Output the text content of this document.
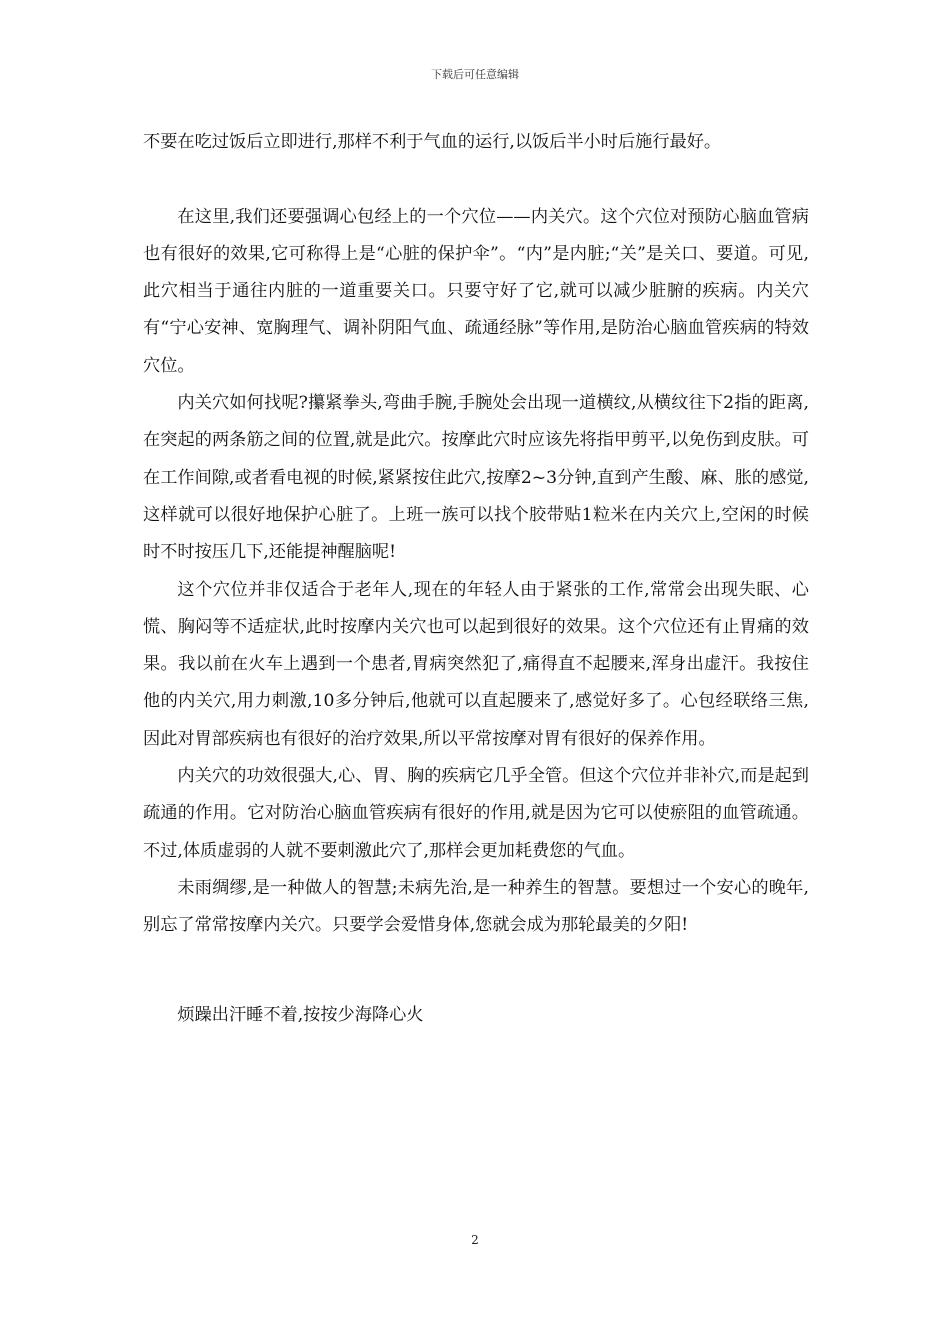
下载后可任意编辑

不要在吃过饭后立即进行,那样不利于气血的运行,以饭后半小时后施行最好。

在这里,我们还要强调心包经上的一个穴位——内关穴。这个穴位对预防心脑血管病也有很好的效果,它可称得上是“心脏的保护伞”。“内”是内脏;“关”是关口、要道。可见,此穴相当于通往内脏的一道重要关口。只要守好了它,就可以减少脏腑的疾病。内关穴有“宁心安神、宽胸理气、调补阴阳气血、疏通经脉”等作用,是防治心脑血管疾病的特效穴位。

内关穴如何找呢?攥紧拳头,弯曲手腕,手腕处会出现一道横纹,从横纹往下2指的距离,在突起的两条筋之间的位置,就是此穴。按摩此穴时应该先将指甲剪平,以免伤到皮肤。可在工作间隙,或者看电视的时候,紧紧按住此穴,按摩2~3分钟,直到产生酸、麻、胀的感觉,这样就可以很好地保护心脏了。上班一族可以找个胶带贴1粒米在内关穴上,空闲的时候时不时按压几下,还能提神醒脑呢!

这个穴位并非仅适合于老年人,现在的年轻人由于紧张的工作,常常会出现失眠、心慌、胸闷等不适症状,此时按摩内关穴也可以起到很好的效果。这个穴位还有止胃痛的效果。我以前在火车上遇到一个患者,胃病突然犯了,痛得直不起腰来,浑身出虚汗。我按住他的内关穴,用力刺激,10多分钟后,他就可以直起腰来了,感觉好多了。心包经联络三焦,因此对胃部疾病也有很好的治疗效果,所以平常按摩对胃有很好的保养作用。

内关穴的功效很强大,心、胃、胸的疾病它几乎全管。但这个穴位并非补穴,而是起到疏通的作用。它对防治心脑血管疾病有很好的作用,就是因为它可以使瘀阻的血管疏通。不过,体质虚弱的人就不要刺激此穴了,那样会更加耗费您的气血。

未雨绸缪,是一种做人的智慧;未病先治,是一种养生的智慧。要想过一个安心的晚年,别忘了常常按摩内关穴。只要学会爱惜身体,您就会成为那轮最美的夕阳!

烦躁出汗睡不着,按按少海降心火

2
